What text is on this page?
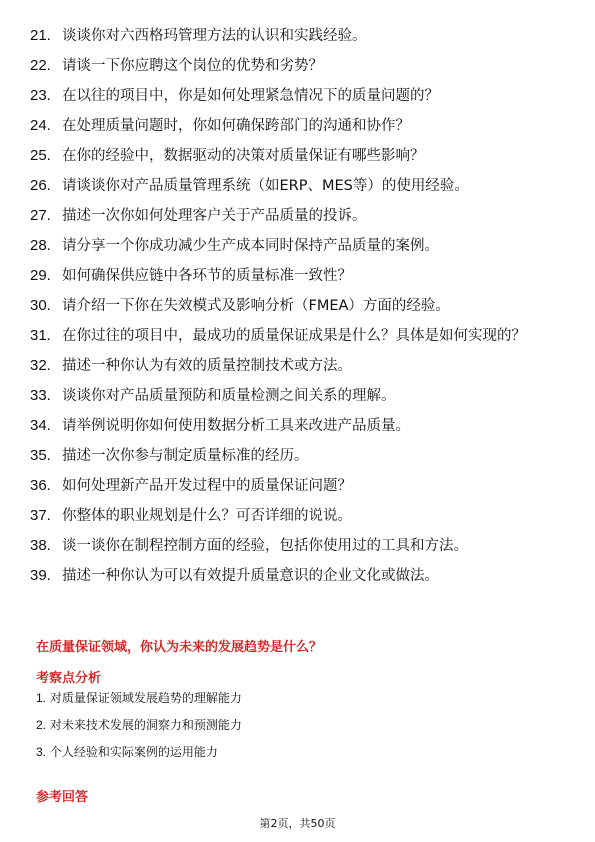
21. 谈谈你对六西格玛管理方法的认识和实践经验。
22. 请谈一下你应聘这个岗位的优势和劣势？
23. 在以往的项目中，你是如何处理紧急情况下的质量问题的？
24. 在处理质量问题时，你如何确保跨部门的沟通和协作？
25. 在你的经验中，数据驱动的决策对质量保证有哪些影响？
26. 请谈谈你对产品质量管理系统（如ERP、MES等）的使用经验。
27. 描述一次你如何处理客户关于产品质量的投诉。
28. 请分享一个你成功减少生产成本同时保持产品质量的案例。
29. 如何确保供应链中各环节的质量标准一致性？
30. 请介绍一下你在失效模式及影响分析（FMEA）方面的经验。
31. 在你过往的项目中，最成功的质量保证成果是什么？具体是如何实现的？
32. 描述一种你认为有效的质量控制技术或方法。
33. 谈谈你对产品质量预防和质量检测之间关系的理解。
34. 请举例说明你如何使用数据分析工具来改进产品质量。
35. 描述一次你参与制定质量标准的经历。
36. 如何处理新产品开发过程中的质量保证问题？
37. 你整体的职业规划是什么？可否详细的说说。
38. 谈一谈你在制程控制方面的经验，包括你使用过的工具和方法。
39. 描述一种你认为可以有效提升质量意识的企业文化或做法。
在质量保证领域，你认为未来的发展趋势是什么？
考察点分析
1. 对质量保证领域发展趋势的理解能力
2. 对未来技术发展的洞察力和预测能力
3. 个人经验和实际案例的运用能力
参考回答
第2页，共50页
